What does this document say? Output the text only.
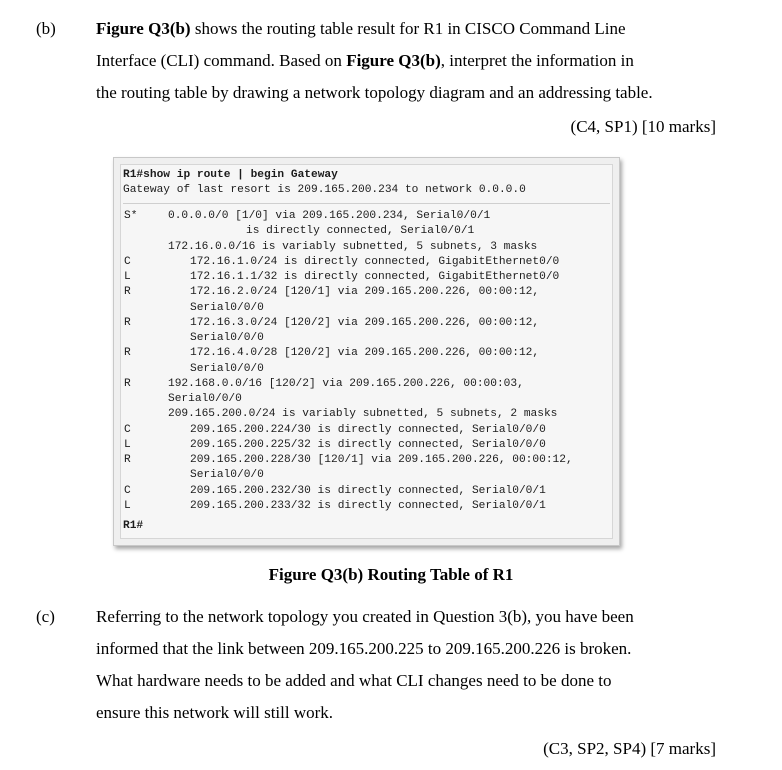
(b) Figure Q3(b) shows the routing table result for R1 in CISCO Command Line
Interface (CLI) command. Based on Figure Q3(b), interpret the information in
the routing table by drawing a network topology diagram and an addressing table.
(C4, SP1) [10 marks]
R1#show ip route | begin Gateway
Gateway of last resort is 209.165.200.234 to network 0.0.0.0
S*	0.0.0.0/0 [1/0] via 209.165.200.234, Serial0/0/1
is directly connected, Serial0/0/1
172.16.0.0/16 is variably subnetted, 5 subnets, 3 masks
C	172.16.1.0/24 is directly connected, GigabitEthernet0/0
L	172.16.1.1/32 is directly connected, GigabitEthernet0/0
R	172.16.2.0/24 [120/1] via 209.165.200.226, 00:00:12,
Serial0/0/0
R	172.16.3.0/24 [120/2] via 209.165.200.226, 00:00:12,
Serial0/0/0
R	172.16.4.0/28 [120/2] via 209.165.200.226, 00:00:12,
Serial0/0/0
R	192.168.0.0/16 [120/2] via 209.165.200.226, 00:00:03,
Serial0/0/0
209.165.200.0/24 is variably subnetted, 5 subnets, 2 masks
C	209.165.200.224/30 is directly connected, Serial0/0/0
L	209.165.200.225/32 is directly connected, Serial0/0/0
R	209.165.200.228/30 [120/1] via 209.165.200.226, 00:00:12,
Serial0/0/0
C	209.165.200.232/30 is directly connected, Serial0/0/1
L	209.165.200.233/32 is directly connected, Serial0/0/1
R1#
Figure Q3(b) Routing Table of R1
(c) Referring to the network topology you created in Question 3(b), you have been
informed that the link between 209.165.200.225 to 209.165.200.226 is broken.
What hardware needs to be added and what CLI changes need to be done to
ensure this network will still work.
(C3, SP2, SP4) [7 marks]
